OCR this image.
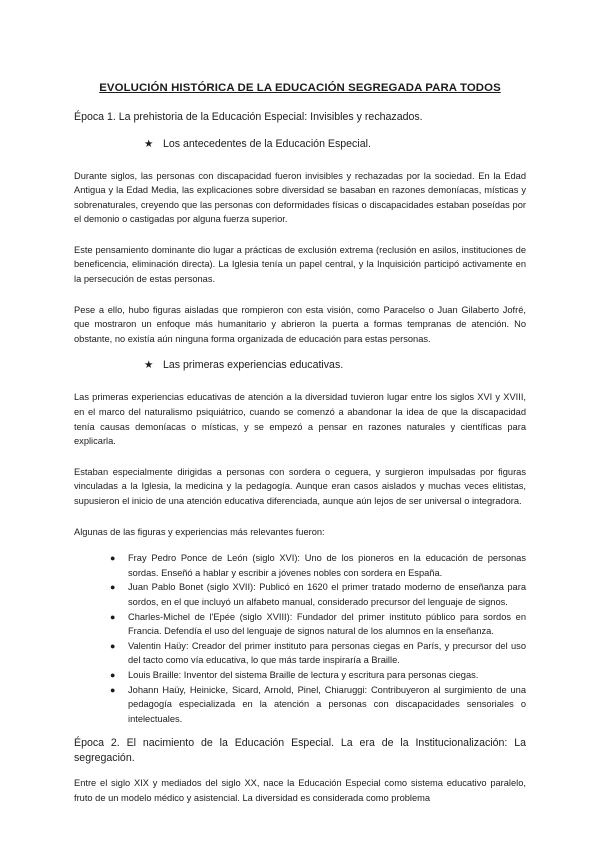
EVOLUCIÓN HISTÓRICA DE LA EDUCACIÓN SEGREGADA PARA TODOS
Época 1. La prehistoria de la Educación Especial: Invisibles y rechazados.
★ Los antecedentes de la Educación Especial.

Durante siglos, las personas con discapacidad fueron invisibles y rechazadas por la sociedad. En la Edad Antigua y la Edad Media, las explicaciones sobre diversidad se basaban en razones demoníacas, místicas y sobrenaturales, creyendo que las personas con deformidades físicas o discapacidades estaban poseídas por el demonio o castigadas por alguna fuerza superior.

Este pensamiento dominante dio lugar a prácticas de exclusión extrema (reclusión en asilos, instituciones de beneficencia, eliminación directa). La Iglesia tenía un papel central, y la Inquisición participó activamente en la persecución de estas personas.

Pese a ello, hubo figuras aisladas que rompieron con esta visión, como Paracelso o Juan Gilaberto Jofré, que mostraron un enfoque más humanitario y abrieron la puerta a formas tempranas de atención. No obstante, no existía aún ninguna forma organizada de educación para estas personas.

★ Las primeras experiencias educativas.

Las primeras experiencias educativas de atención a la diversidad tuvieron lugar entre los siglos XVI y XVIII, en el marco del naturalismo psiquiátrico, cuando se comenzó a abandonar la idea de que la discapacidad tenía causas demoníacas o místicas, y se empezó a pensar en razones naturales y científicas para explicarla.

Estaban especialmente dirigidas a personas con sordera o ceguera, y surgieron impulsadas por figuras vinculadas a la Iglesia, la medicina y la pedagogía. Aunque eran casos aislados y muchas veces elitistas, supusieron el inicio de una atención educativa diferenciada, aunque aún lejos de ser universal o integradora.

Algunas de las figuras y experiencias más relevantes fueron:

●	Fray Pedro Ponce de León (siglo XVI): Uno de los pioneros en la educación de personas sordas. Enseñó a hablar y escribir a jóvenes nobles con sordera en España.
●	Juan Pablo Bonet (siglo XVII): Publicó en 1620 el primer tratado moderno de enseñanza para sordos, en el que incluyó un alfabeto manual, considerado precursor del lenguaje de signos.
●	Charles-Michel de l'Epée (siglo XVIII): Fundador del primer instituto público para sordos en Francia. Defendía el uso del lenguaje de signos natural de los alumnos en la enseñanza.
●	Valentin Haüy: Creador del primer instituto para personas ciegas en París, y precursor del uso del tacto como vía educativa, lo que más tarde inspiraría a Braille.
●	Louis Braille: Inventor del sistema Braille de lectura y escritura para personas ciegas.
●	Johann Haüy, Heinicke, Sicard, Arnold, Pinel, Chiaruggi: Contribuyeron al surgimiento de una pedagogía especializada en la atención a personas con discapacidades sensoriales o intelectuales.
Época 2. El nacimiento de la Educación Especial. La era de la Institucionalización: La segregación.

Entre el siglo XIX y mediados del siglo XX, nace la Educación Especial como sistema educativo paralelo, fruto de un modelo médico y asistencial. La diversidad es considerada como problema
